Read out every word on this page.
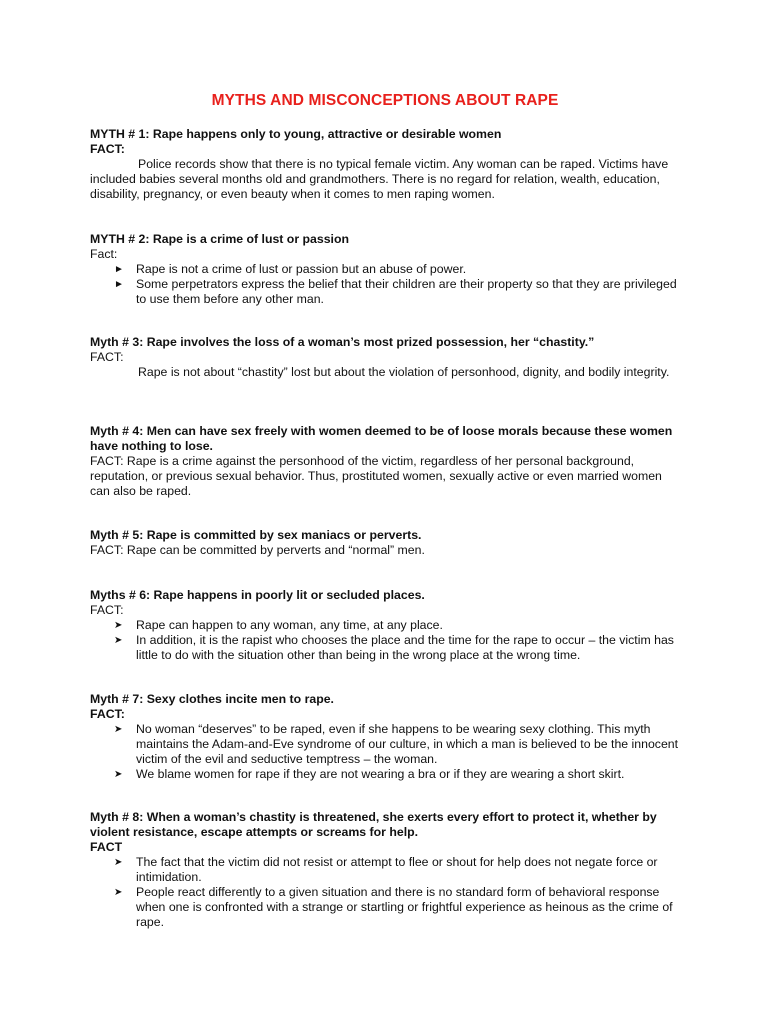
MYTHS AND MISCONCEPTIONS ABOUT RAPE
MYTH # 1: Rape happens only to young, attractive or desirable women
FACT:

Police records show that there is no typical female victim. Any woman can be raped. Victims have included babies several months old and grandmothers. There is no regard for relation, wealth, education, disability, pregnancy, or even beauty when it comes to men raping women.

MYTH # 2: Rape is a crime of lust or passion
Fact:
► Rape is not a crime of lust or passion but an abuse of power.
► Some perpetrators express the belief that their children are their property so that they are privileged to use them before any other man.
Myth # 3: Rape involves the loss of a woman’s most prized possession, her “chastity.”
FACT:

Rape is not about “chastity” lost but about the violation of personhood, dignity, and bodily integrity.

Myth # 4: Men can have sex freely with women deemed to be of loose morals because these women have nothing to lose.

FACT: Rape is a crime against the personhood of the victim, regardless of her personal background, reputation, or previous sexual behavior. Thus, prostituted women, sexually active or even married women can also be raped.

Myth # 5: Rape is committed by sex maniacs or perverts.

FACT: Rape can be committed by perverts and “normal” men.

Myths # 6: Rape happens in poorly lit or secluded places.
FACT:
➤ Rape can happen to any woman, any time, at any place.
➤ In addition, it is the rapist who chooses the place and the time for the rape to occur – the victim has little to do with the situation other than being in the wrong place at the wrong time.
Myth # 7: Sexy clothes incite men to rape.
FACT:
➤ No woman “deserves” to be raped, even if she happens to be wearing sexy clothing. This myth maintains the Adam-and-Eve syndrome of our culture, in which a man is believed to be the innocent victim of the evil and seductive temptress – the woman.
➤ We blame women for rape if they are not wearing a bra or if they are wearing a short skirt.
Myth # 8: When a woman’s chastity is threatened, she exerts every effort to protect it, whether by violent resistance, escape attempts or screams for help.
FACT
➤ The fact that the victim did not resist or attempt to flee or shout for help does not negate force or intimidation.
➤ People react differently to a given situation and there is no standard form of behavioral response when one is confronted with a strange or startling or frightful experience as heinous as the crime of rape.
